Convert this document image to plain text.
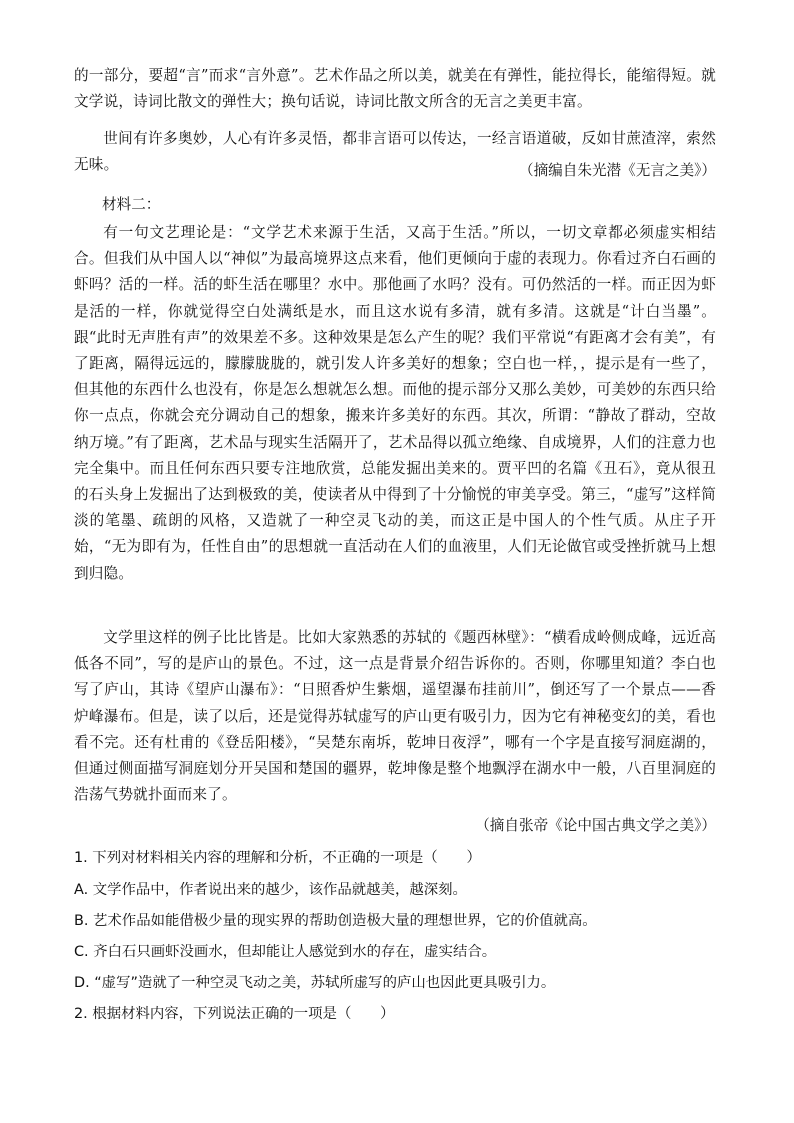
的一部分，要超“言”而求“言外意”。艺术作品之所以美，就美在有弹性，能拉得长，能缩得短。就文学说，诗词比散文的弹性大；换句话说，诗词比散文所含的无言之美更丰富。

世间有许多奥妙，人心有许多灵悟，都非言语可以传达，一经言语道破，反如甘蔗渣滓，索然无味。	（摘编自朱光潜《无言之美》）

材料二：

有一句文艺理论是：“文学艺术来源于生活，又高于生活。”所以，一切文章都必须虚实相结合。但我们从中国人以“神似”为最高境界这点来看，他们更倾向于虚的表现力。你看过齐白石画的虾吗？活的一样。活的虾生活在哪里？水中。那他画了水吗？没有。可仍然活的一样。而正因为虾是活的一样，你就觉得空白处满纸是水，而且这水说有多清，就有多清。这就是“计白当墨”。跟“此时无声胜有声”的效果差不多。这种效果是怎么产生的呢？我们平常说“有距离才会有美”，有了距离，隔得远远的，朦朦胧胧的，就引发人许多美好的想象；空白也一样，，提示是有一些了，但其他的东西什么也没有，你是怎么想就怎么想。而他的提示部分又那么美妙，可美妙的东西只给你一点点，你就会充分调动自己的想象，搬来许多美好的东西。其次，所谓：“静故了群动，空故纳万境。”有了距离，艺术品与现实生活隔开了，艺术品得以孤立绝缘、自成境界，人们的注意力也完全集中。而且任何东西只要专注地欣赏，总能发掘出美来的。贾平凹的名篇《丑石》，竟从很丑的石头身上发掘出了达到极致的美，使读者从中得到了十分愉悦的审美享受。第三，“虚写”这样简淡的笔墨、疏朗的风格，又造就了一种空灵飞动的美，而这正是中国人的个性气质。从庄子开始，“无为即有为，任性自由”的思想就一直活动在人们的血液里，人们无论做官或受挫折就马上想到归隐。

文学里这样的例子比比皆是。比如大家熟悉的苏轼的《题西林壁》：“横看成岭侧成峰，远近高低各不同”，写的是庐山的景色。不过，这一点是背景介绍告诉你的。否则，你哪里知道？李白也写了庐山，其诗《望庐山瀑布》：“日照香炉生紫烟，遥望瀑布挂前川”，倒还写了一个景点——香炉峰瀑布。但是，读了以后，还是觉得苏轼虚写的庐山更有吸引力，因为它有神秘变幻的美，看也看不完。还有杜甫的《登岳阳楼》，“吴楚东南坼，乾坤日夜浮”，哪有一个字是直接写洞庭湖的，但通过侧面描写洞庭划分开吴国和楚国的疆界，乾坤像是整个地飘浮在湖水中一般，八百里洞庭的浩荡气势就扑面而来了。

（摘自张帝《论中国古典文学之美》）

1. 下列对材料相关内容的理解和分析，不正确的一项是（　　）

A. 文学作品中，作者说出来的越少，该作品就越美，越深刻。

B. 艺术作品如能借极少量的现实界的帮助创造极大量的理想世界，它的价值就高。

C. 齐白石只画虾没画水，但却能让人感觉到水的存在，虚实结合。

D. “虚写”造就了一种空灵飞动之美，苏轼所虚写的庐山也因此更具吸引力。

2. 根据材料内容，下列说法正确的一项是（　　）
